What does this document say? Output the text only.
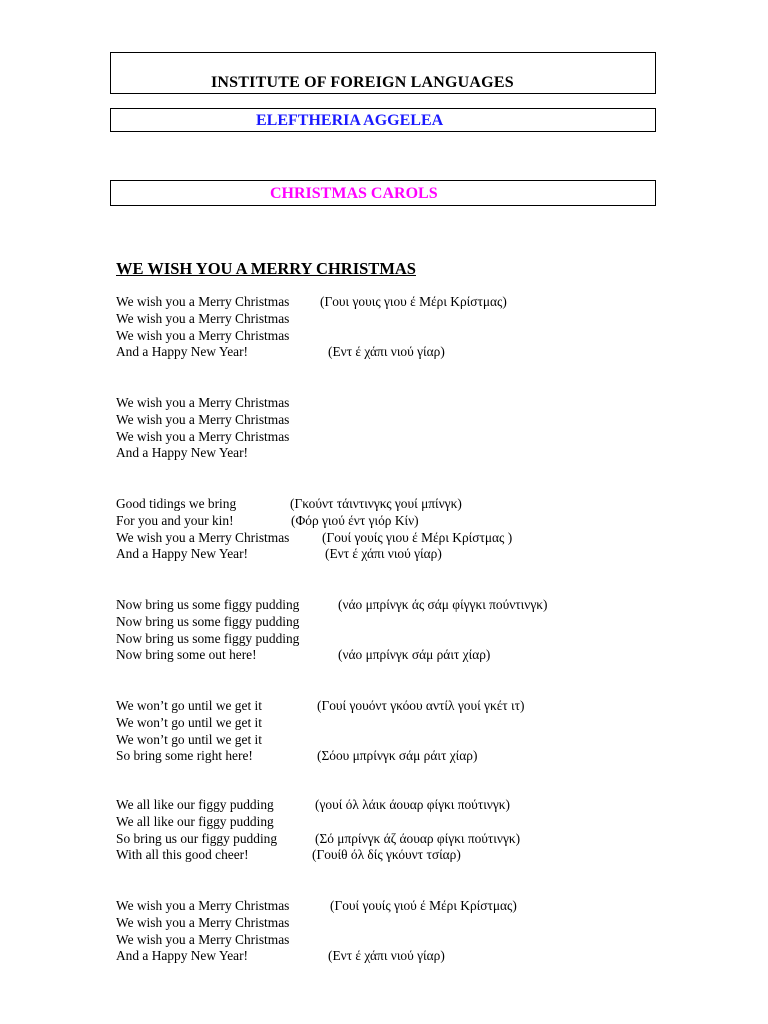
INSTITUTE OF FOREIGN LANGUAGES
ELEFTHERIA AGGELEA
CHRISTMAS CAROLS
WE WISH YOU A MERRY CHRISTMAS
We wish you a Merry Christmas (Γουι γουις γιου έ Μέρι Κρίστμας)
We wish you a Merry Christmas
We wish you a Merry Christmas
And a Happy New Year!	(Εντ έ χάπι νιού γίαρ)
We wish you a Merry Christmas
We wish you a Merry Christmas
We wish you a Merry Christmas
And a Happy New Year!
Good tidings we bring	(Γκούντ τάιντινγκς γουί μπίνγκ)
For you and your kin!	(Φόρ γιού έντ γιόρ Κίν)
We wish you a Merry Christmas (Γουί γουίς γιου έ Μέρι Κρίστμας )
And a Happy New Year!	(Εντ έ χάπι νιού γίαρ)
Now bring us some figgy pudding	(νάο μπρίνγκ άς σάμ φίγγκι πούντινγκ)
Now bring us some figgy pudding
Now bring us some figgy pudding
Now bring some out here!	(νάο μπρίνγκ σάμ ράιτ χίαρ)
We won’t go until we get it	(Γουί γουόντ γκόου αντίλ γουί γκέτ ιτ)
We won’t go until we get it
We won’t go until we get it
So bring some right here!	(Σόου μπρίνγκ σάμ ράιτ χίαρ)
We all like our figgy pudding	(γουί όλ λάικ άουαρ φίγκι πούτινγκ)
We all like our figgy pudding
So bring us our figgy pudding	(Σό μπρίνγκ άζ άουαρ φίγκι πούτινγκ)
With all this good cheer!	(Γουίθ όλ δίς γκόυντ τσίαρ)
We wish you a Merry Christmas	(Γουί γουίς γιού έ Μέρι Κρίστμας)
We wish you a Merry Christmas
We wish you a Merry Christmas
And a Happy New Year!	(Εντ έ χάπι νιού γίαρ)
